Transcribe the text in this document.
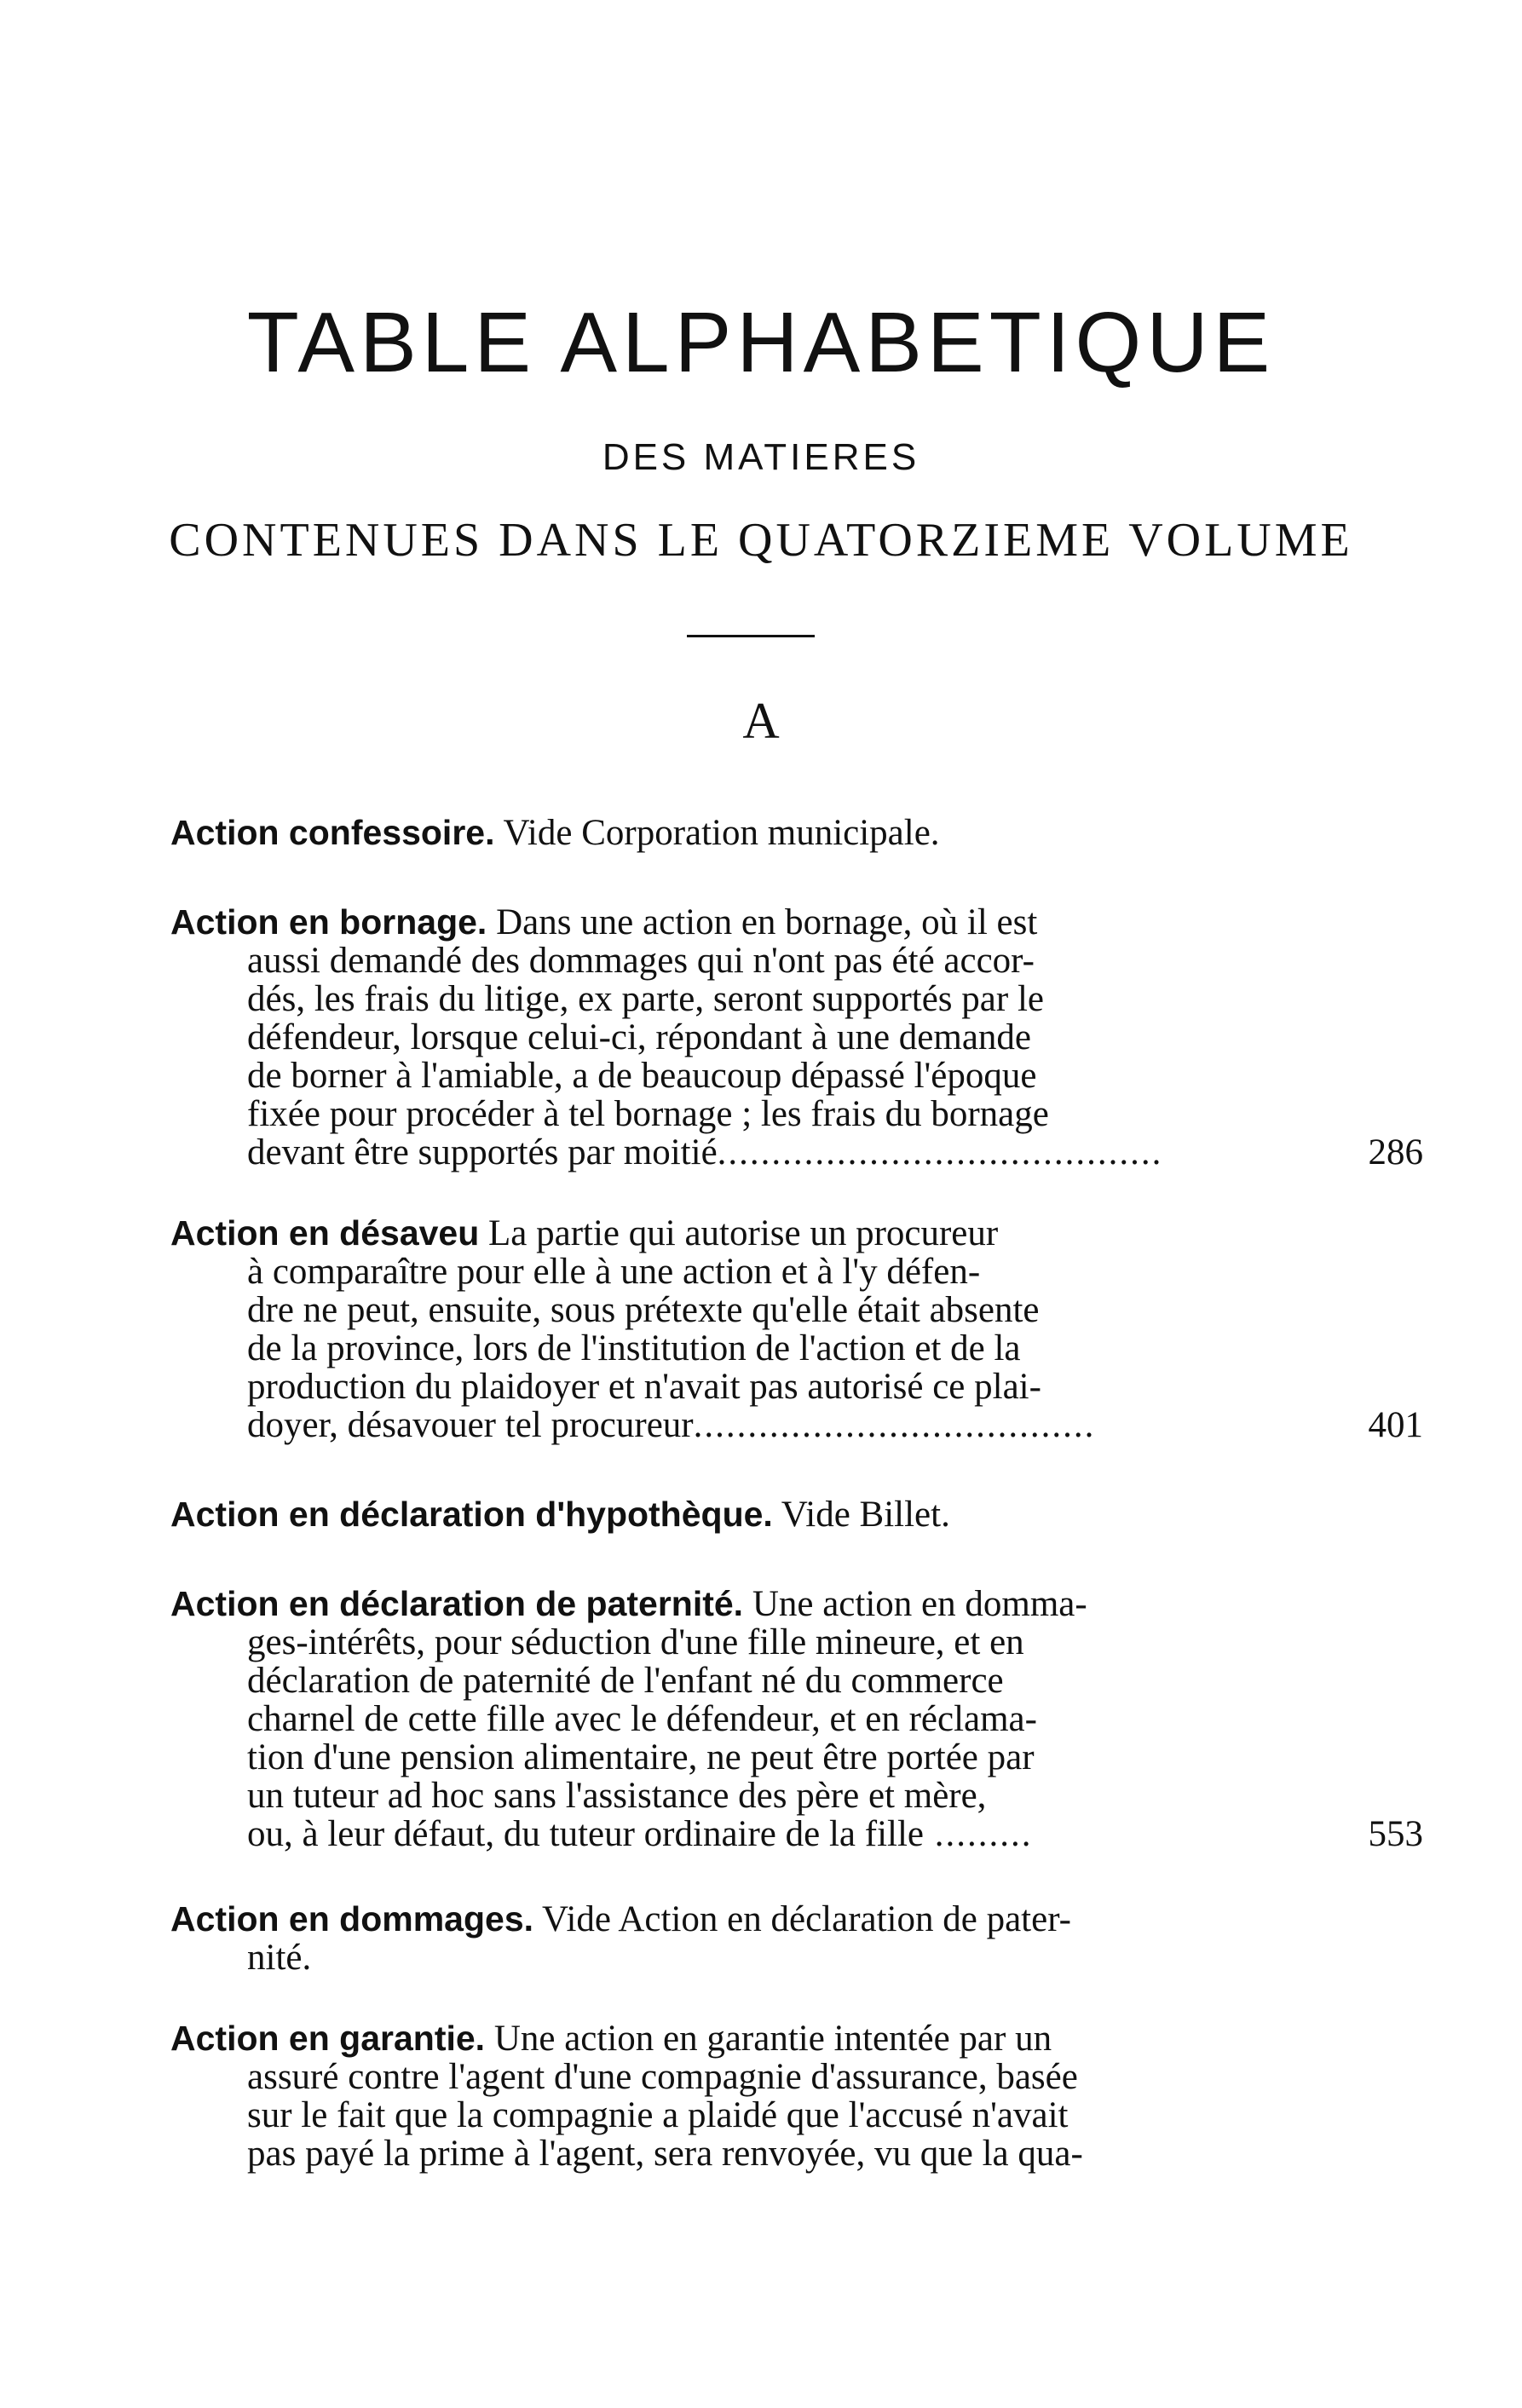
TABLE ALPHABETIQUE
DES MATIERES
CONTENUES DANS LE QUATORZIEME VOLUME
A
Action confessoire. Vide Corporation municipale.
Action en bornage. Dans une action en bornage, où il est
aussi demandé des dommages qui n'ont pas été accor-
dés, les frais du litige, ex parte, seront supportés par le
défendeur, lorsque celui-ci, répondant à une demande
de borner à l'amiable, a de beaucoup dépassé l'époque
fixée pour procéder à tel bornage ; les frais du bornage
devant être supportés par moitié.........................................	286
Action en désaveu La partie qui autorise un procureur
à comparaître pour elle à une action et à l'y défen-
dre ne peut, ensuite, sous prétexte qu'elle était absente
de la province, lors de l'institution de l'action et de la
production du plaidoyer et n'avait pas autorisé ce plai-
doyer, désavouer tel procureur.....................................	401
Action en déclaration d'hypothèque. Vide Billet.
Action en déclaration de paternité. Une action en domma-
ges-intérêts, pour séduction d'une fille mineure, et en
déclaration de paternité de l'enfant né du commerce
charnel de cette fille avec le défendeur, et en réclama-
tion d'une pension alimentaire, ne peut être portée par
un tuteur ad hoc sans l'assistance des père et mère,
ou, à leur défaut, du tuteur ordinaire de la fille .........	553
Action en dommages. Vide Action en déclaration de pater-
nité.
Action en garantie. Une action en garantie intentée par un
assuré contre l'agent d'une compagnie d'assurance, basée
sur le fait que la compagnie a plaidé que l'accusé n'avait
pas payé la prime à l'agent, sera renvoyée, vu que la qua-
